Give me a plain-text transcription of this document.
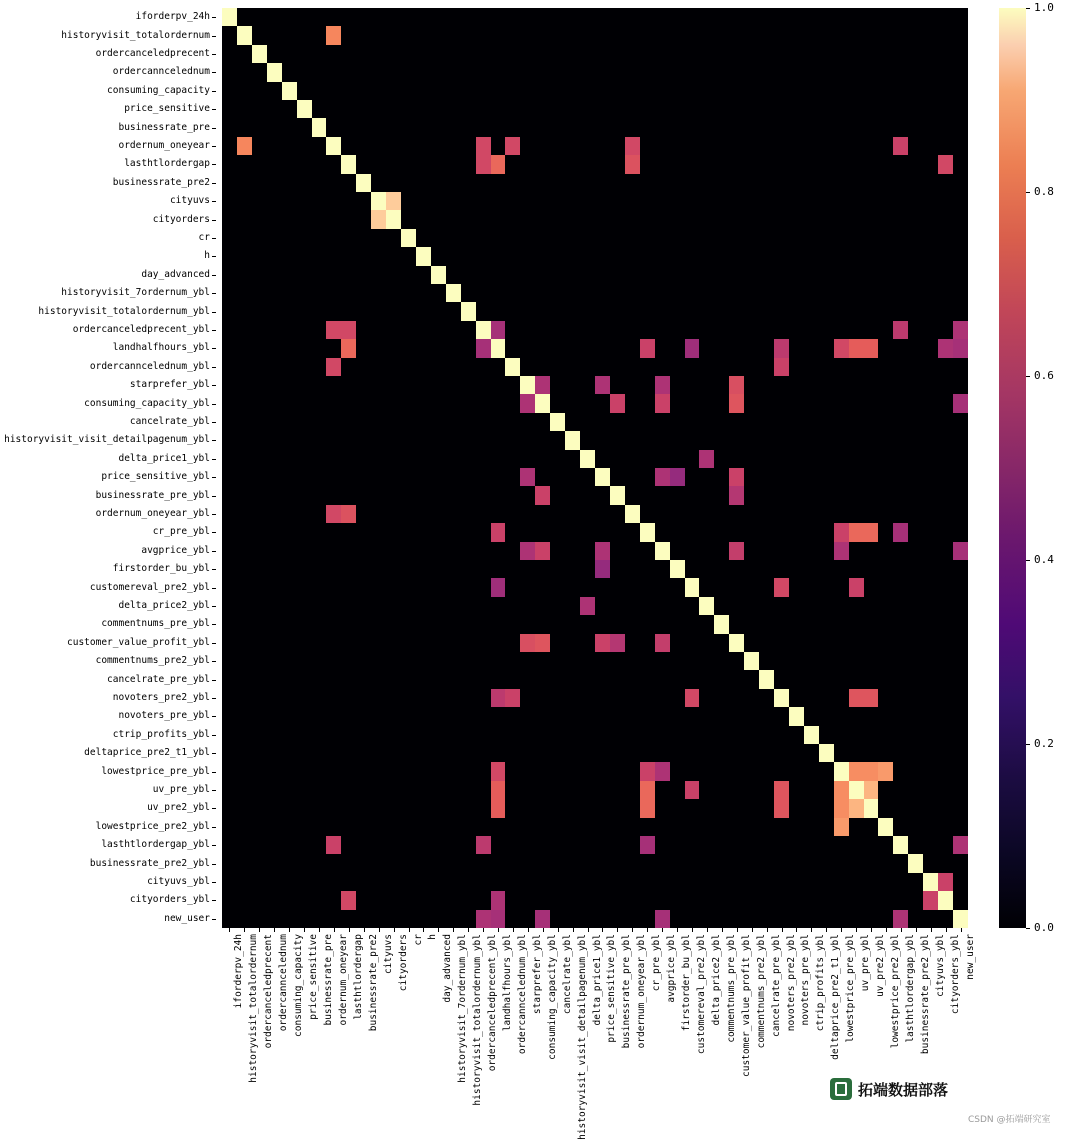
iforderpv_24h
historyvisit_totalordernum
ordercanceledprecent
ordercanncelednum
consuming_capacity
price_sensitive
businessrate_pre
ordernum_oneyear
lasthtlordergap
businessrate_pre2
cityuvs
cityorders
cr
h
day_advanced
historyvisit_7ordernum_ybl
historyvisit_totalordernum_ybl
ordercanceledprecent_ybl
landhalfhours_ybl
ordercanncelednum_ybl
starprefer_ybl
consuming_capacity_ybl
cancelrate_ybl
historyvisit_visit_detailpagenum_ybl
delta_price1_ybl
price_sensitive_ybl
businessrate_pre_ybl
ordernum_oneyear_ybl
cr_pre_ybl
avgprice_ybl
firstorder_bu_ybl
customereval_pre2_ybl
delta_price2_ybl
commentnums_pre_ybl
customer_value_profit_ybl
commentnums_pre2_ybl
cancelrate_pre_ybl
novoters_pre2_ybl
novoters_pre_ybl
ctrip_profits_ybl
deltaprice_pre2_t1_ybl
lowestprice_pre_ybl
uv_pre_ybl
uv_pre2_ybl
lowestprice_pre2_ybl
lasthtlordergap_ybl
businessrate_pre2_ybl
cityuvs_ybl
cityorders_ybl
new_user
iforderpv_24h historyvisit_totalordernum ordercanceledprecent ordercanncelednum consuming_capacity price_sensitive businessrate_pre ordernum_oneyear lasthtlordergap businessrate_pre2 cityuvs cityorders cr h day_advanced historyvisit_7ordernum_ybl historyvisit_totalordernum_ybl ordercanceledprecent_ybl landhalfhours_ybl ordercanncelednum_ybl starprefer_ybl consuming_capacity_ybl cancelrate_ybl historyvisit_visit_detailpagenum_ybl delta_price1_ybl price_sensitive_ybl businessrate_pre_ybl ordernum_oneyear_ybl cr_pre_ybl avgprice_ybl firstorder_bu_ybl customereval_pre2_ybl delta_price2_ybl commentnums_pre_ybl customer_value_profit_ybl commentnums_pre2_ybl cancelrate_pre_ybl novoters_pre2_ybl novoters_pre_ybl ctrip_profits_ybl deltaprice_pre2_t1_ybl lowestprice_pre_ybl uv_pre_ybl uv_pre2_ybl lowestprice_pre2_ybl lasthtlordergap_ybl businessrate_pre2_ybl cityuvs_ybl cityorders_ybl new_user
0.0
0.2
0.4
0.6
0.8
1.0
拓端数据部落
CSDN @拓端研究室
